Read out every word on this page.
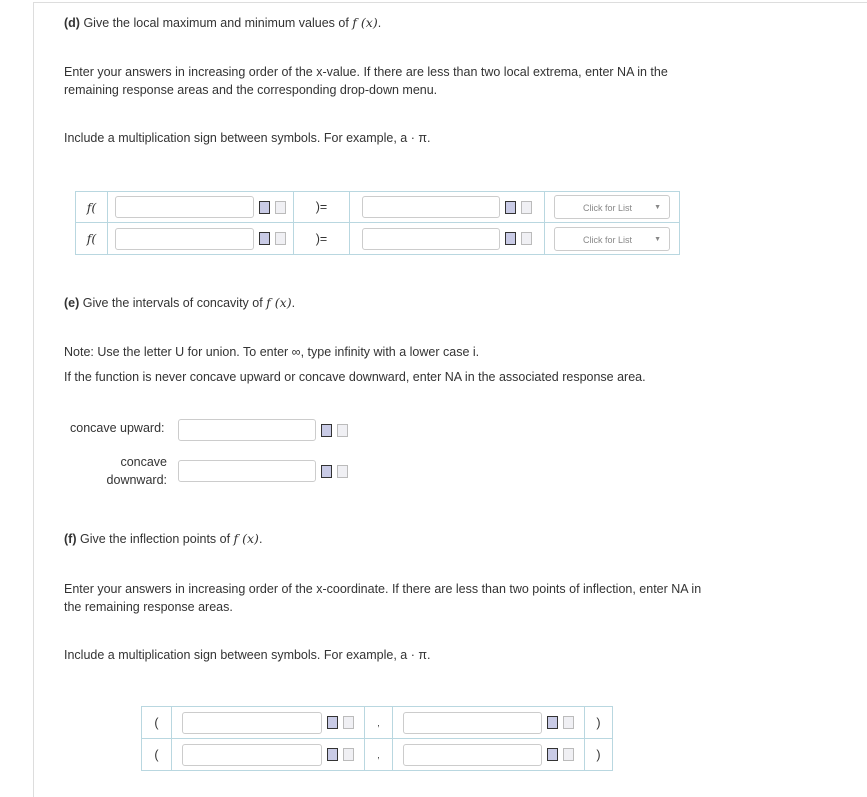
(d) Give the local maximum and minimum values of f (x).
Enter your answers in increasing order of the x-value. If there are less than two local extrema, enter NA in the remaining response areas and the corresponding drop-down menu.
Include a multiplication sign between symbols. For example, a · π.
f(		)=		Click for List ▼

f(		)=		Click for List ▼
(e) Give the intervals of concavity of f (x).
Note: Use the letter U for union. To enter ∞, type infinity with a lower case i.
If the function is never concave upward or concave downward, enter NA in the associated response area.
concave upward:
concave
downward:
(f) Give the inflection points of f (x).
Enter your answers in increasing order of the x-coordinate. If there are less than two points of inflection, enter NA in the remaining response areas.
Include a multiplication sign between symbols. For example, a · π.
(		,		)
(		,		)
